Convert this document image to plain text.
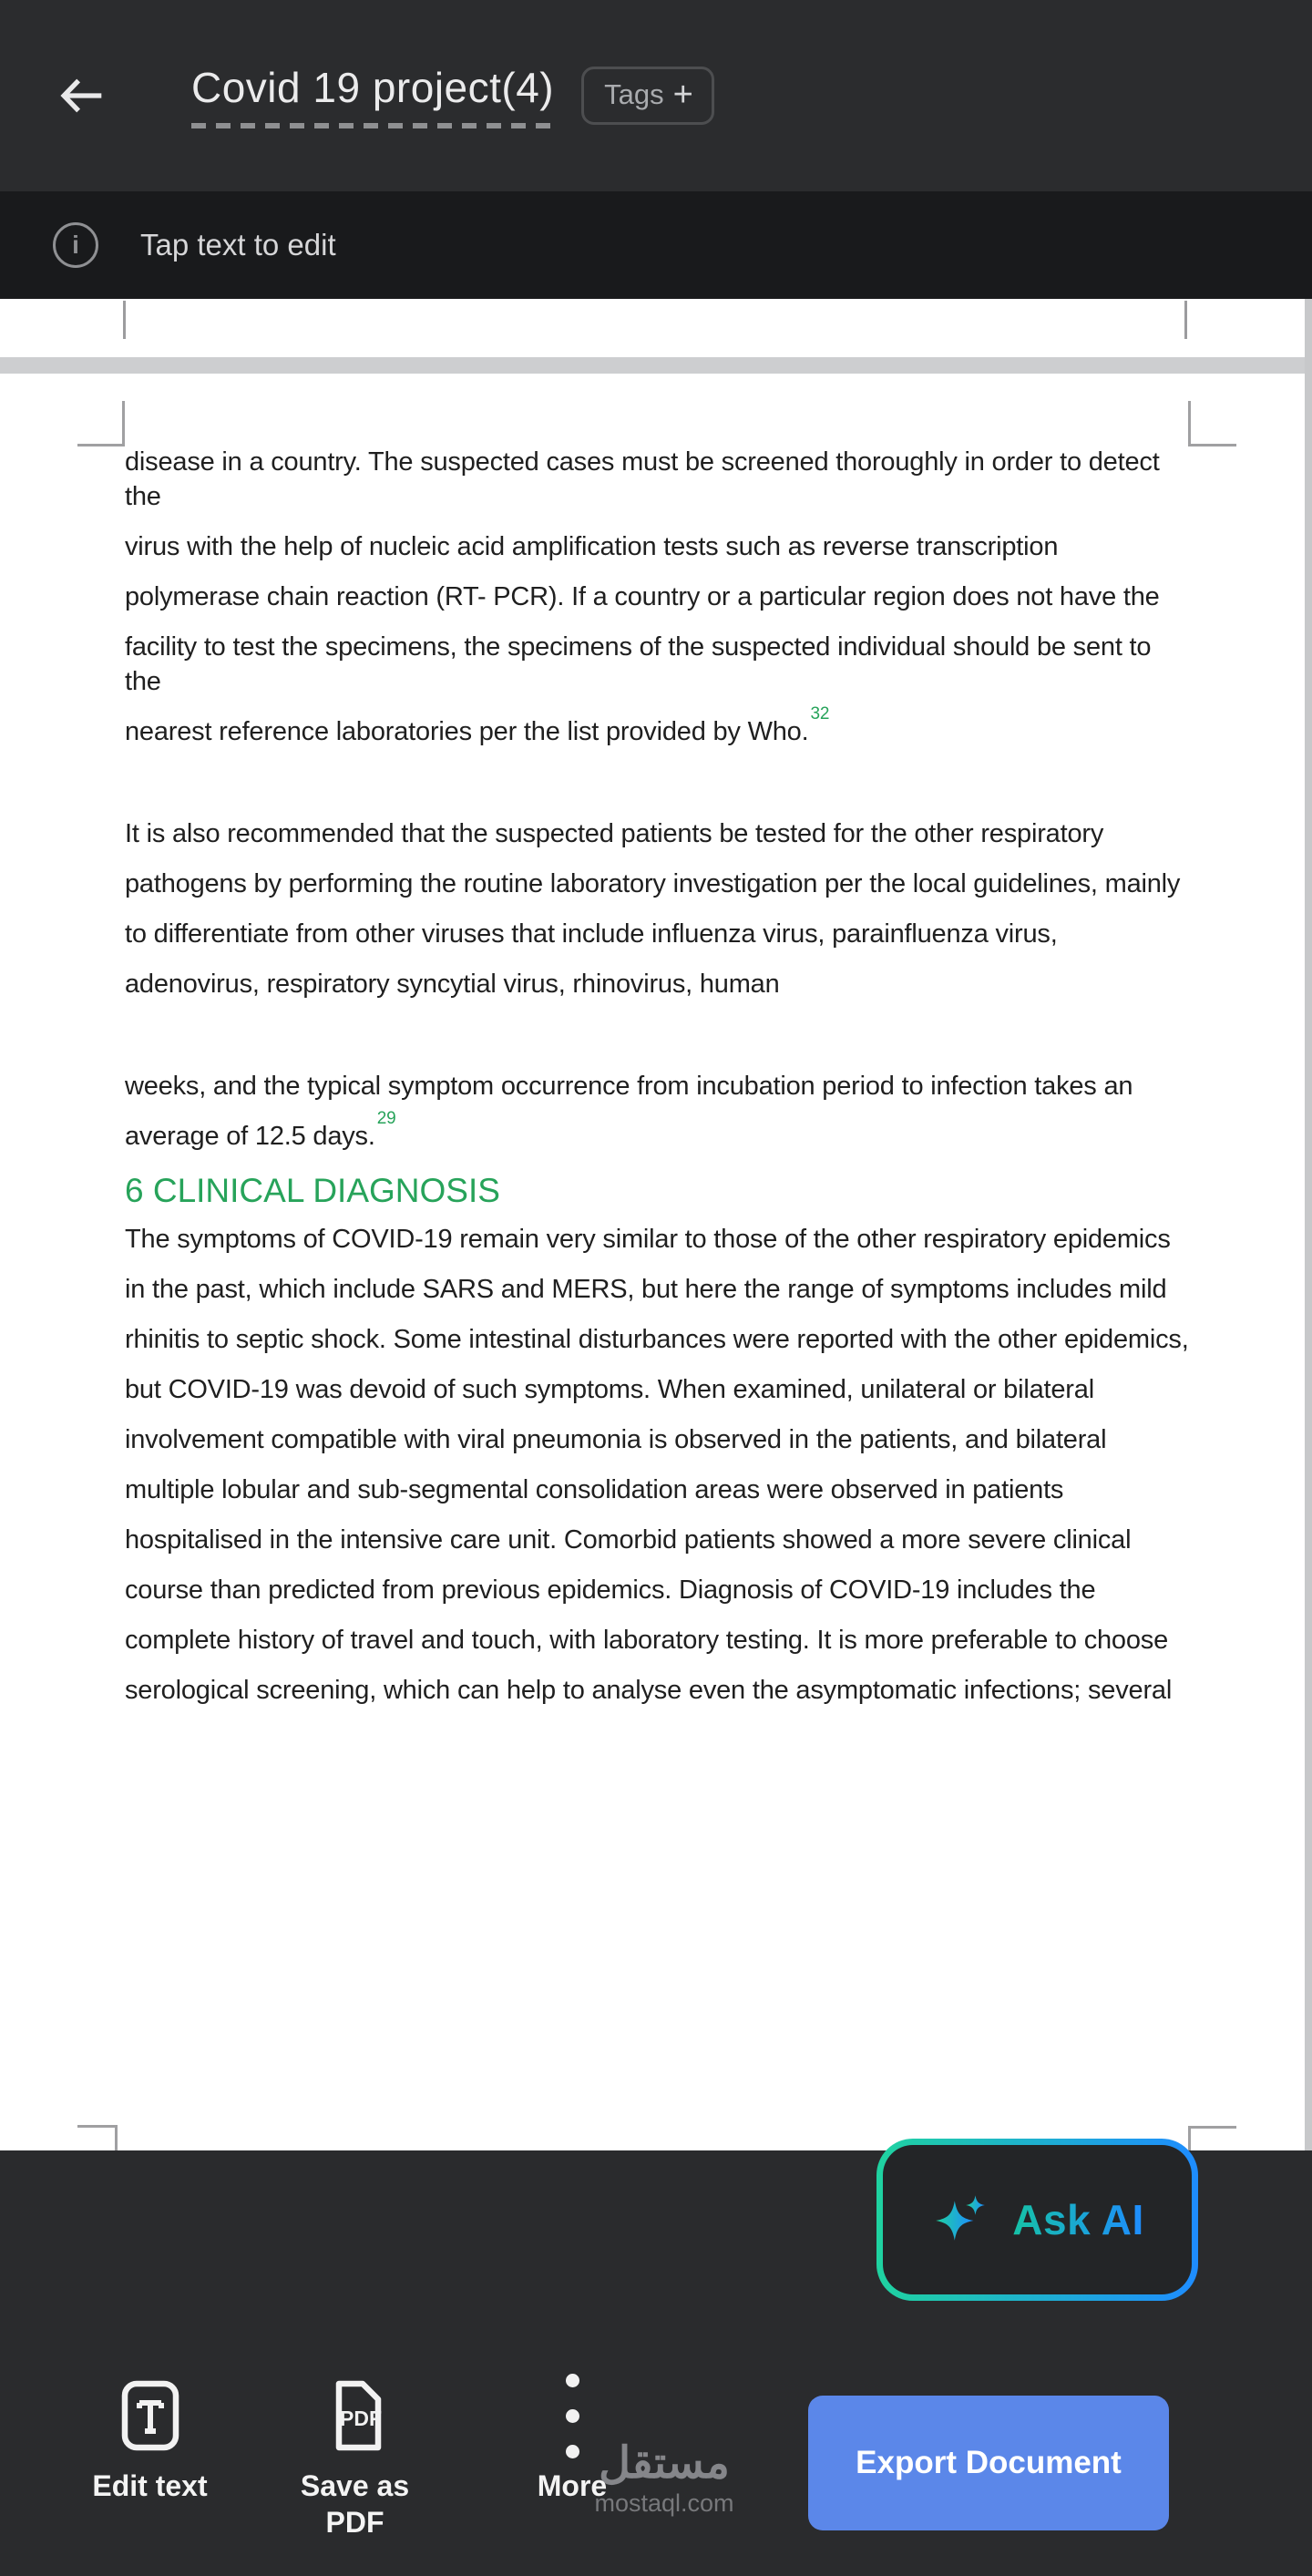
Covid 19 project(4) Tags +
i	Tap text to edit

disease in a country. The suspected cases must be screened thoroughly in order to detect the

virus with the help of nucleic acid amplification tests such as reverse transcription

polymerase chain reaction (RT- PCR). If a country or a particular region does not have the

facility to test the specimens, the specimens of the suspected individual should be sent to the

nearest reference laboratories per the list provided by Who.$^{32}$

It is also recommended that the suspected patients be tested for the other respiratory

pathogens by performing the routine laboratory investigation per the local guidelines, mainly

to differentiate from other viruses that include influenza virus, parainfluenza virus,

adenovirus, respiratory syncytial virus, rhinovirus, human

weeks, and the typical symptom occurrence from incubation period to infection takes an

average of 12.5 days.$^{29}$

6 CLINICAL DIAGNOSIS

The symptoms of COVID-19 remain very similar to those of the other respiratory epidemics

in the past, which include SARS and MERS, but here the range of symptoms includes mild

rhinitis to septic shock. Some intestinal disturbances were reported with the other epidemics,

but COVID-19 was devoid of such symptoms. When examined, unilateral or bilateral

involvement compatible with viral pneumonia is observed in the patients, and bilateral

multiple lobular and sub-segmental consolidation areas were observed in patients

hospitalised in the intensive care unit. Comorbid patients showed a more severe clinical

course than predicted from previous epidemics. Diagnosis of COVID-19 includes the

complete history of travel and touch, with laboratory testing. It is more preferable to choose

serological screening, which can help to analyse even the asymptomatic infections; several

Ask AI
مستقل
mostaql.com
Edit text
PDF
Save as PDF
More
Export Document
